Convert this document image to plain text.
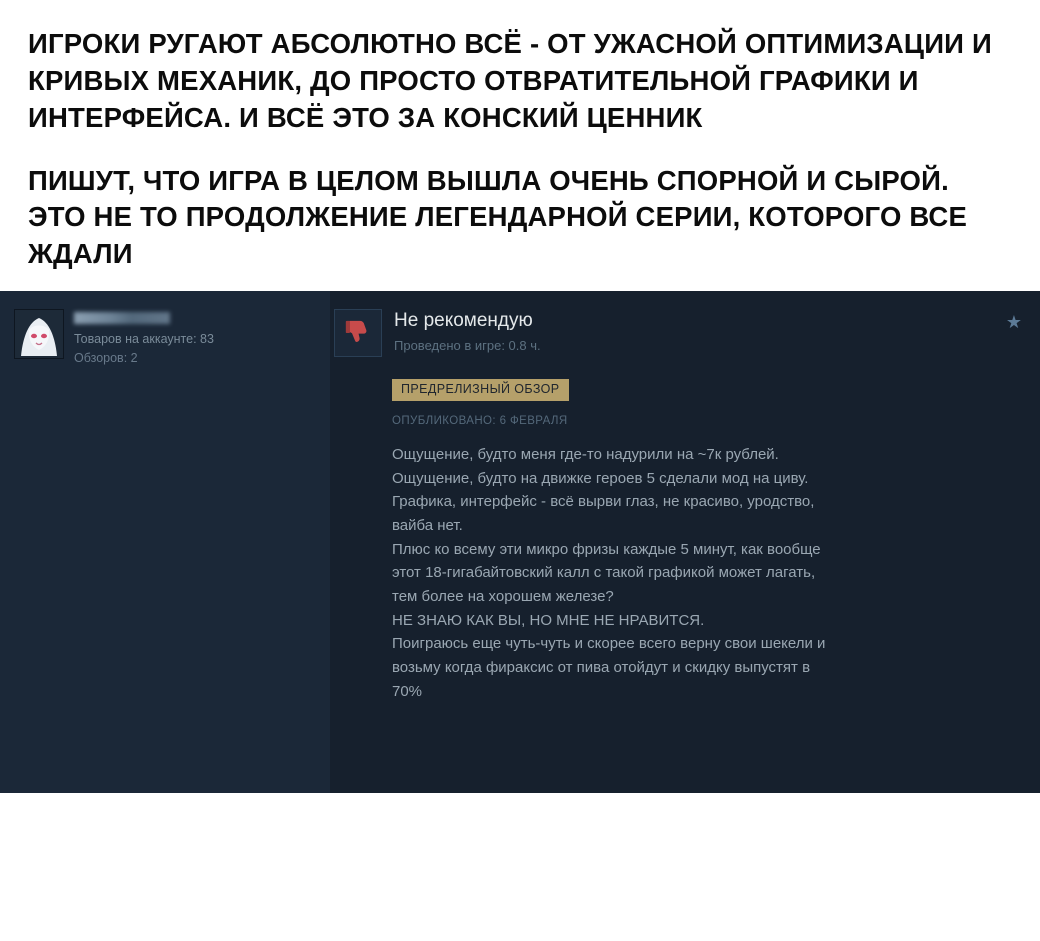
ИГРОКИ РУГАЮТ АБСОЛЮТНО ВСЁ - ОТ УЖАСНОЙ ОПТИМИЗАЦИИ И КРИВЫХ МЕХАНИК, ДО ПРОСТО ОТВРАТИТЕЛЬНОЙ ГРАФИКИ И ИНТЕРФЕЙСА. И ВСЁ ЭТО ЗА КОНСКИЙ ЦЕННИК

ПИШУТ, ЧТО ИГРА В ЦЕЛОМ ВЫШЛА ОЧЕНЬ СПОРНОЙ И СЫРОЙ. ЭТО НЕ ТО ПРОДОЛЖЕНИЕ ЛЕГЕНДАРНОЙ СЕРИИ, КОТОРОГО ВСЕ ЖДАЛИ

Товаров на аккаунте: 83
Обзоров: 2
Не рекомендую
Проведено в игре: 0.8 ч.
★
ПРЕДРЕЛИЗНЫЙ ОБЗОР
ОПУБЛИКОВАНО: 6 ФЕВРАЛЯ

Ощущение, будто меня где-то надурили на ~7к рублей.

Ощущение, будто на движке героев 5 сделали мод на циву.

Графика, интерфейс - всё вырви глаз, не красиво, уродство,

вайба нет.

Плюс ко всему эти микро фризы каждые 5 минут, как вообще

этот 18-гигабайтовский калл с такой графикой может лагать,

тем более на хорошем железе?

НЕ ЗНАЮ КАК ВЫ, НО МНЕ НЕ НРАВИТСЯ.

Поиграюсь еще чуть-чуть и скорее всего верну свои шекели и

возьму когда фираксис от пива отойдут и скидку выпустят в

70%
